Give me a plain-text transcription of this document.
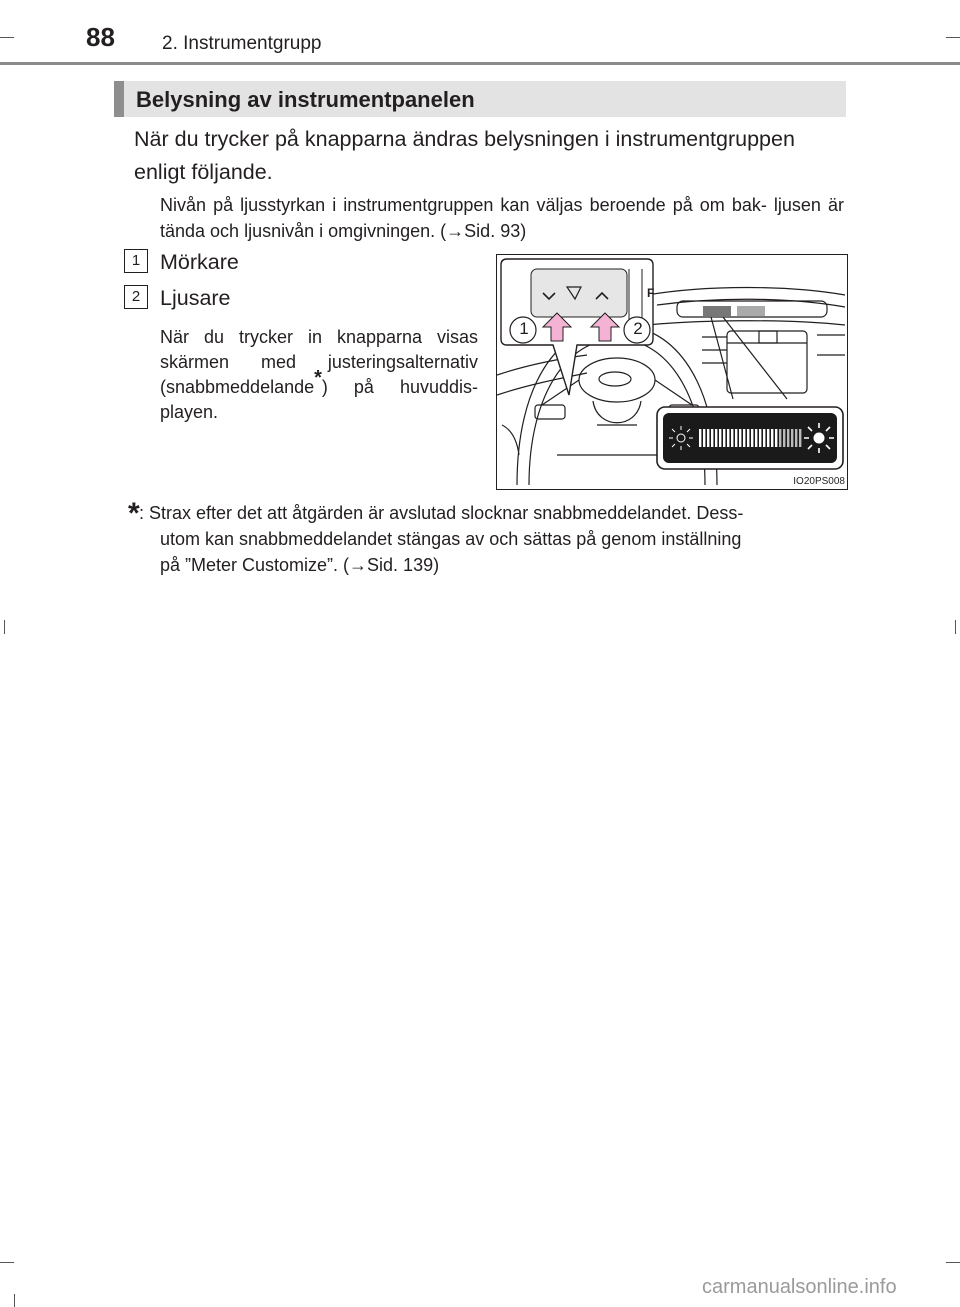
88 2. Instrumentgrupp
Belysning av instrumentpanelen
När du trycker på knapparna ändras belysningen i instrumentgruppen enligt följande.
Nivån på ljusstyrkan i instrumentgruppen kan väljas beroende på om bak- ljusen är tända och ljusnivån i omgivningen. (→Sid. 93)
1 Mörkare
2 Ljusare
När du trycker in knapparna visas skärmen med justeringsalternativ (snabbmeddelande*) på huvuddis- playen.
F
1	2
IO20PS008
* : Strax efter det att åtgärden är avslutad slocknar snabbmeddelandet. Dess-
utom kan snabbmeddelandet stängas av och sättas på genom inställning
på ”Meter Customize”. (→Sid. 139)
carmanualsonline.info
